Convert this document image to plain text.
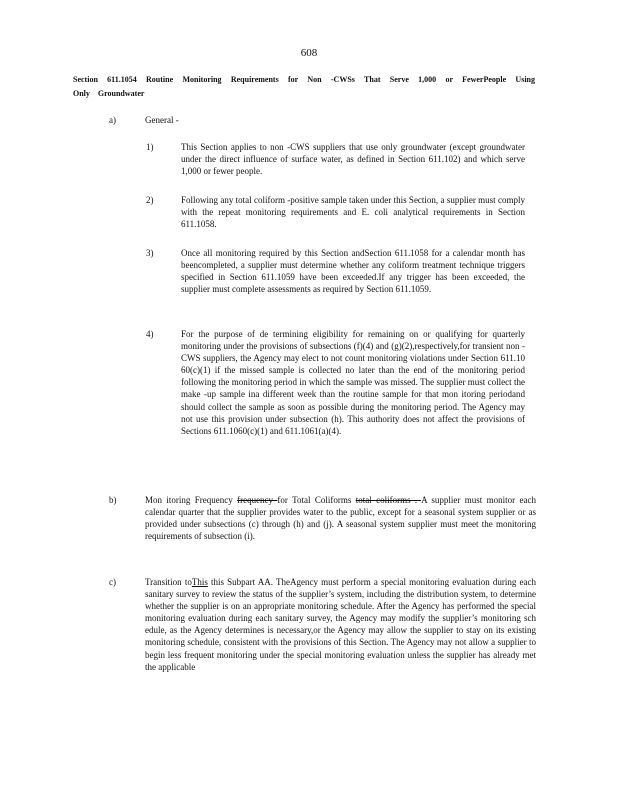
608
Section 611.1054 Routine Monitoring Requirements for Non -CWSs That Serve 1,000 or FewerPeople Using Only Groundwater
a)	General -
1)	This Section applies to non -CWS suppliers that use only groundwater (except groundwater under the direct influence of surface water, as defined in Section 611.102) and which serve 1,000 or fewer people.
2)	Following any total coliform -positive sample taken under this Section, a supplier must comply with the repeat monitoring requirements and E. coli analytical requirements in Section 611.1058.
3)	Once all monitoring required by this Section andSection 611.1058 for a calendar month has beencompleted, a supplier must determine whether any coliform treatment technique triggers specified in Section 611.1059 have been exceeded.If any trigger has been exceeded, the supplier must complete assessments as required by Section 611.1059.
4)	For the purpose of de termining eligibility for remaining on or qualifying for quarterly monitoring under the provisions of subsections (f)(4) and (g)(2),respectively,for transient non - CWS suppliers, the Agency may elect to not count monitoring violations under Section 611.10 60(c)(1) if the missed sample is collected no later than the end of the monitoring period following the monitoring period in which the sample was missed. The supplier must collect the make -up sample ina different week than the routine sample for that mon itoring periodand should collect the sample as soon as possible during the monitoring period. The Agency may not use this provision under subsection (h). This authority does not affect the provisions of Sections 611.1060(c)(1) and 611.1061(a)(4).
b)	Mon itoring Frequency frequency for Total Coliforms total coliforms . A supplier must monitor each calendar quarter that the supplier provides water to the public, except for a seasonal system supplier or as provided under subsections (c) through (h) and (j). A seasonal system supplier must meet the monitoring requirements of subsection (i).
c)	Transition toThis this Subpart AA. TheAgency must perform a special monitoring evaluation during each sanitary survey to review the status of the supplier’s system, including the distribution system, to determine whether the supplier is on an appropriate monitoring schedule. After the Agency has performed the special monitoring evaluation during each sanitary survey, the Agency may modify the supplier’s monitoring sch edule, as the Agency determines is necessary,or the Agency may allow the supplier to stay on its existing monitoring schedule, consistent with the provisions of this Section. The Agency may not allow a supplier to begin less frequent monitoring under the special monitoring evaluation unless the supplier has already met the applicable
